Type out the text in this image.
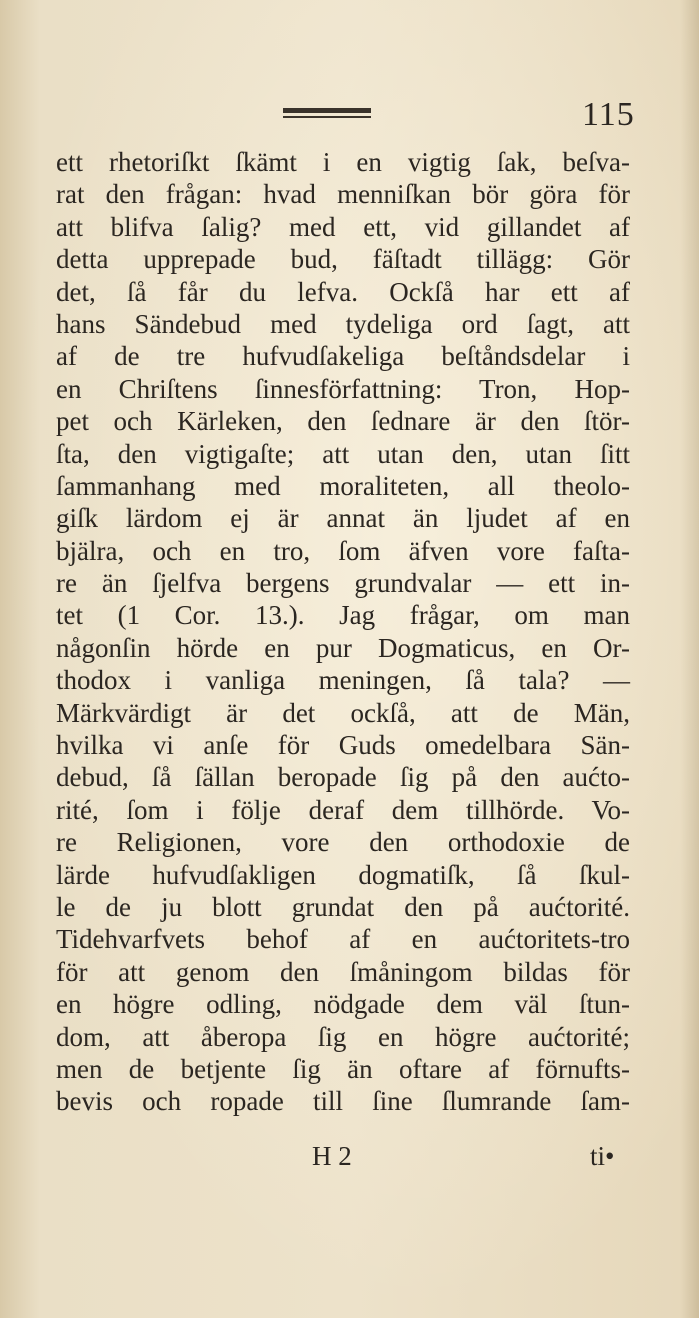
115
ett rhetoriſkt ſkämt i en vigtig ſak, beſva-
rat den frågan: hvad menniſkan bör göra för
att blifva ſalig? med ett, vid gillandet af
detta upprepade bud, fäſtadt tillägg: Gör
det, ſå får du lefva. Ockſå har ett af
hans Sändebud med tydeliga ord ſagt, att
af de tre hufvudſakeliga beſtåndsdelar i
en Chriſtens ſinnesförfattning: Tron, Hop-
pet och Kärleken, den ſednare är den ſtör-
ſta, den vigtigaſte; att utan den, utan ſitt
ſammanhang med moraliteten, all theolo-
giſk lärdom ej är annat än ljudet af en
bjälra, och en tro, ſom äfven vore faſta-
re än ſjelfva bergens grundvalar — ett in-
tet (1 Cor. 13.). Jag frågar, om man
någonſin hörde en pur Dogmaticus, en Or-
thodox i vanliga meningen, ſå tala? —
Märkvärdigt är det ockſå, att de Män,
hvilka vi anſe för Guds omedelbara Sän-
debud, ſå ſällan beropade ſig på den aućto-
rité, ſom i följe deraf dem tillhörde. Vo-
re Religionen, vore den orthodoxie de
lärde hufvudſakligen dogmatiſk, ſå ſkul-
le de ju blott grundat den på aućtorité.
Tidehvarfvets behof af en aućtoritets-tro
för att genom den ſmåningom bildas för
en högre odling, nödgade dem väl ſtun-
dom, att åberopa ſig en högre aućtorité;
men de betjente ſig än oftare af förnufts-
bevis och ropade till ſine ſlumrande ſam-
H 2	ti•
